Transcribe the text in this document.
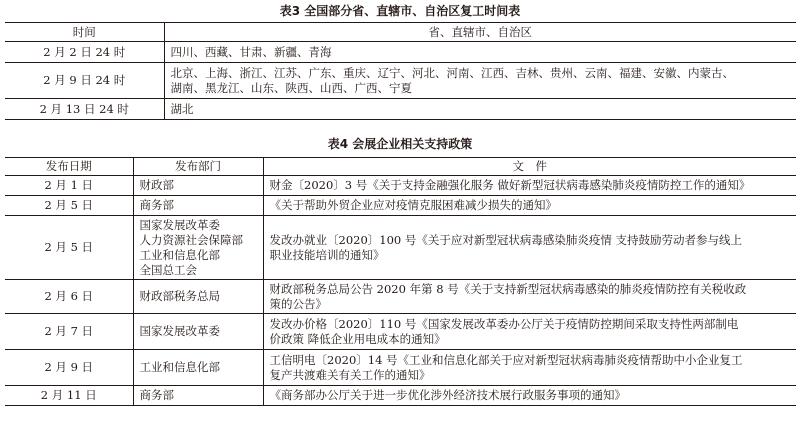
表3 全国部分省、直辖市、自治区复工时间表
时间	省、直辖市、自治区
2 月 2 日 24 时	四川、西藏、甘肃、新疆、青海
2 月 9 日 24 时	北京、上海、浙江、江苏、广东、重庆、辽宁、河北、河南、江西、吉林、贵州、云南、福建、安徽、内蒙古、
湖南、黑龙江、山东、陕西、山西、广西、宁夏
2 月 13 日 24 时	湖北
表4 会展企业相关支持政策
发布日期	发布部门	文　件
2 月 1 日	财政部	财金〔2020〕3 号《关于支持金融强化服务 做好新型冠状病毒感染肺炎疫情防控工作的通知》
2 月 5 日	商务部	《关于帮助外贸企业应对疫情克服困难减少损失的通知》
2 月 5 日	国家发展改革委
人力资源社会保障部
工业和信息化部
全国总工会	发改办就业〔2020〕100 号《关于应对新型冠状病毒感染肺炎疫情 支持鼓励劳动者参与线上
职业技能培训的通知》
2 月 6 日	财政部税务总局	财政部税务总局公告 2020 年第 8 号《关于支持新型冠状病毒感染的肺炎疫情防控有关税收政
策的公告》
2 月 7 日	国家发展改革委	发改办价格〔2020〕110 号《国家发展改革委办公厅关于疫情防控期间采取支持性两部制电
价政策 降低企业用电成本的通知》
2 月 9 日	工业和信息化部	工信明电〔2020〕14 号《工业和信息化部关于应对新型冠状病毒肺炎疫情帮助中小企业复工
复产共渡难关有关工作的通知》
2 月 11 日	商务部	《商务部办公厅关于进一步优化涉外经济技术展行政服务事项的通知》
